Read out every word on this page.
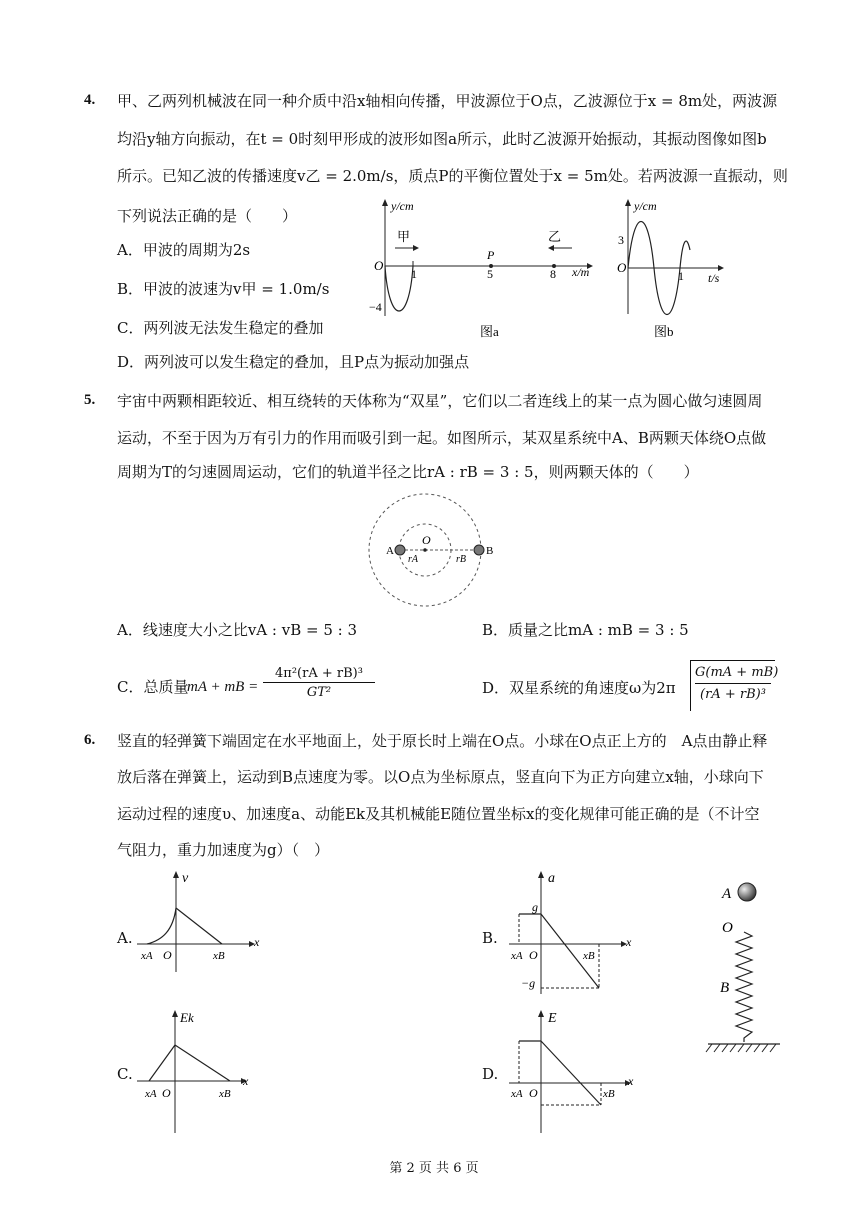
4. 甲、乙两列机械波在同一种介质中沿x轴相向传播，甲波源位于O点，乙波源位于x = 8m处，两波源
均沿y轴方向振动，在t = 0时刻甲形成的波形如图a所示，此时乙波源开始振动，其振动图像如图b
所示。已知乙波的传播速度v乙 = 2.0m/s，质点P的平衡位置处于x = 5m处。若两波源一直振动，则
下列说法正确的是（　　）
A．甲波的周期为2s
B．甲波的波速为v甲 = 1.0m/s
C．两列波无法发生稳定的叠加
D．两列波可以发生稳定的叠加，且P点为振动加强点
y/cm
x/m
O
1	5	8
−4
甲	乙
P
图a
y/cm
t/s
O
3
1
图b
5. 宇宙中两颗相距较近、相互绕转的天体称为“双星”，它们以二者连线上的某一点为圆心做匀速圆周
运动，不至于因为万有引力的作用而吸引到一起。如图所示，某双星系统中A、B两颗天体绕O点做
周期为T的匀速圆周运动，它们的轨道半径之比rA : rB = 3 : 5，则两颗天体的（　　）
A	B
O
rA	rB
A．线速度大小之比vA : vB = 5 : 3	B．质量之比mA : mB = 3 : 5
C．总质量
mA + mB = $\frac{\text{4π²(rA + rB)³}}{\text{GT²}}$	D．双星系统的角速度ω为$2\pi \frac{G(mA + mB)}{\text{(rA + rB)³}}$
6. 竖直的轻弹簧下端固定在水平地面上，处于原长时上端在O点。小球在O点正上方的　A点由静止释
放后落在弹簧上，运动到B点速度为零。以O点为坐标原点，竖直向下为正方向建立x轴，小球向下
运动过程的速度υ、加速度a、动能Ek及其机械能E随位置坐标x的变化规律可能正确的是（不计空
气阻力，重力加速度为g）（　）
A.	B.
C.	D.
ν
x
xA O	xB
a
x
g
−g
xA O	xB
Ek
x
xA O	xB
E
x
xA O	xB
A
O
B
第 2 页 共 6 页
